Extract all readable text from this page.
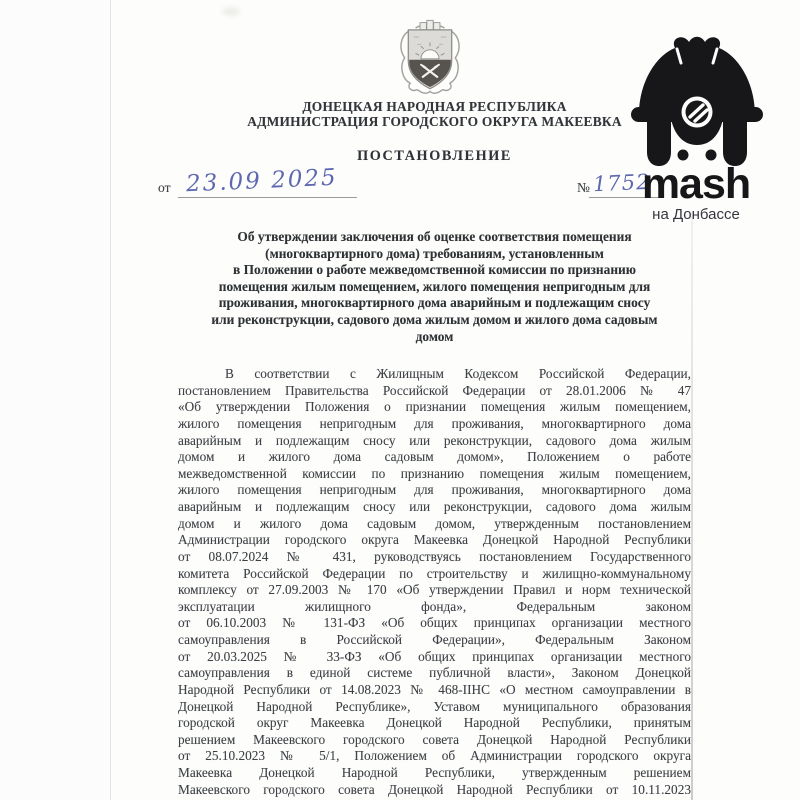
ДОНЕЦКАЯ НАРОДНАЯ РЕСПУБЛИКА
АДМИНИСТРАЦИЯ ГОРОДСКОГО ОКРУГА МАКЕЕВКА
ПОСТАНОВЛЕНИЕ
от 23.09 2025	№ 1752
mash
на Донбассе
Об утверждении заключения об оценке соответствия помещения
(многоквартирного дома) требованиям, установленным
в Положении о работе межведомственной комиссии по признанию
помещения жилым помещением, жилого помещения непригодным для
проживания, многоквартирного дома аварийным и подлежащим сносу
или реконструкции, садового дома жилым домом и жилого дома садовым
домом
В соответствии с Жилищным Кодексом Российской Федерации,
постановлением Правительства Российской Федерации от 28.01.2006 № 47
«Об утверждении Положения о признании помещения жилым помещением,
жилого помещения непригодным для проживания, многоквартирного дома
аварийным и подлежащим сносу или реконструкции, садового дома жилым
домом и жилого дома садовым домом», Положением о работе
межведомственной комиссии по признанию помещения жилым помещением,
жилого помещения непригодным для проживания, многоквартирного дома
аварийным и подлежащим сносу или реконструкции, садового дома жилым
домом и жилого дома садовым домом, утвержденным постановлением
Администрации городского округа Макеевка Донецкой Народной Республики
от 08.07.2024 № 431, руководствуясь постановлением Государственного
комитета Российской Федерации по строительству и жилищно-коммунальному
комплексу от 27.09.2003 № 170 «Об утверждении Правил и норм технической
эксплуатации жилищного фонда», Федеральным законом
от 06.10.2003 № 131-ФЗ «Об общих принципах организации местного
самоуправления в Российской Федерации», Федеральным Законом
от 20.03.2025 № 33-ФЗ «Об общих принципах организации местного
самоуправления в единой системе публичной власти», Законом Донецкой
Народной Республики от 14.08.2023 № 468-IIНС «О местном самоуправлении в
Донецкой Народной Республике», Уставом муниципального образования
городской округ Макеевка Донецкой Народной Республики, принятым
решением Макеевского городского совета Донецкой Народной Республики
от 25.10.2023 № 5/1, Положением об Администрации городского округа
Макеевка Донецкой Народной Республики, утвержденным решением
Макеевского городского совета Донецкой Народной Республики от 10.11.2023
